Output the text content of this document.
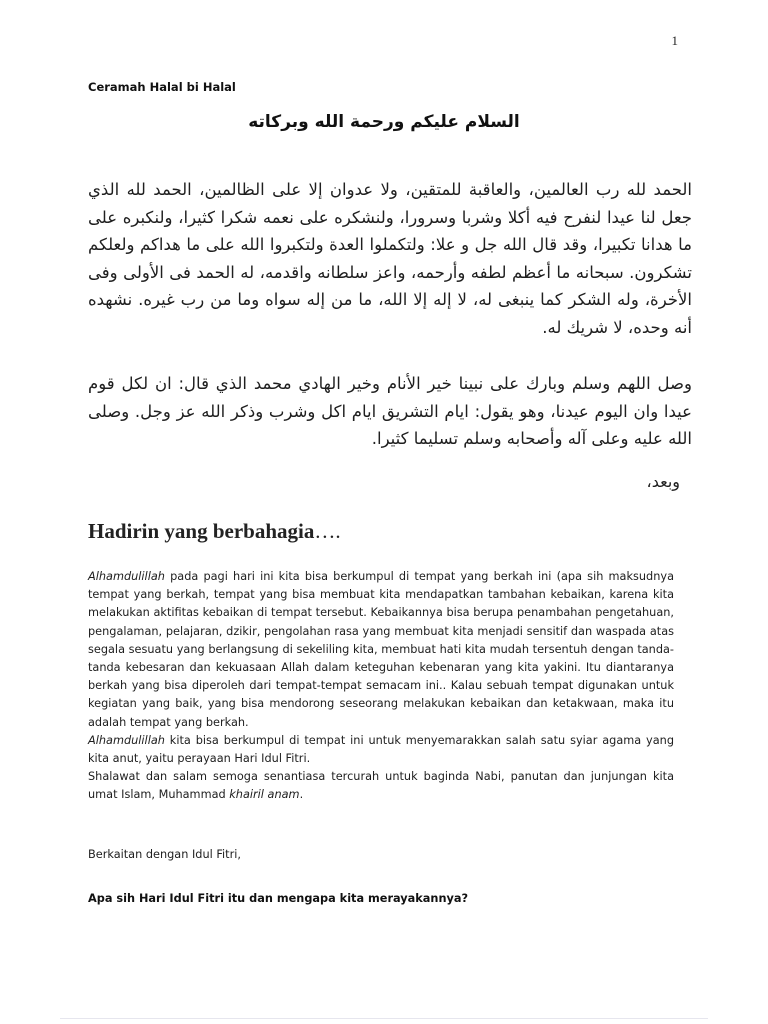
1
Ceramah Halal bi Halal
السلام عليكم ورحمة الله وبركاته
الحمد لله رب العالمين، والعاقبة للمتقين، ولا عدوان إلا على الظالمين، الحمد لله الذي جعل لنا عيدا لنفرح فيه أكلا وشربا وسرورا، ولنشكره على نعمه شكرا كثيرا، ولنكبره على ما هدانا تكبيرا، وقد قال الله جل و علا: ولتكملوا العدة ولتكبروا الله على ما هداكم ولعلكم تشكرون. سبحانه ما أعظم لطفه وأرحمه، واعز سلطانه واقدمه، له الحمد فى الأولى وفى الأخرة، وله الشكر كما ينبغى له، لا إله إلا الله، ما من إله سواه وما من رب غيره. نشهده أنه وحده، لا شريك له.
وصل اللهم وسلم وبارك على نبينا خير الأنام وخير الهادي محمد الذي قال: ان لكل قوم عيدا وان اليوم عيدنا، وهو يقول: ايام التشريق ايام اكل وشرب وذكر الله عز وجل. وصلى الله عليه وعلى آله وأصحابه وسلم تسليما كثيرا.
وبعد،
Hadirin yang berbahagia….

Alhamdulillah pada pagi hari ini kita bisa berkumpul di tempat yang berkah ini (apa sih maksudnya tempat yang berkah, tempat yang bisa membuat kita mendapatkan tambahan kebaikan, karena kita melakukan aktifitas kebaikan di tempat tersebut. Kebaikannya bisa berupa penambahan pengetahuan, pengalaman, pelajaran, dzikir, pengolahan rasa yang membuat kita menjadi sensitif dan waspada atas segala sesuatu yang berlangsung di sekeliling kita, membuat hati kita mudah tersentuh dengan tanda-tanda kebesaran dan kekuasaan Allah dalam keteguhan kebenaran yang kita yakini. Itu diantaranya berkah yang bisa diperoleh dari tempat-tempat semacam ini.. Kalau sebuah tempat digunakan untuk kegiatan yang baik, yang bisa mendorong seseorang melakukan kebaikan dan ketakwaan, maka itu adalah tempat yang berkah.

Alhamdulillah kita bisa berkumpul di tempat ini untuk menyemarakkan salah satu syiar agama yang kita anut, yaitu perayaan Hari Idul Fitri.

Shalawat dan salam semoga senantiasa tercurah untuk baginda Nabi, panutan dan junjungan kita umat Islam, Muhammad khairil anam.

Berkaitan dengan Idul Fitri,
Apa sih Hari Idul Fitri itu dan mengapa kita merayakannya?
